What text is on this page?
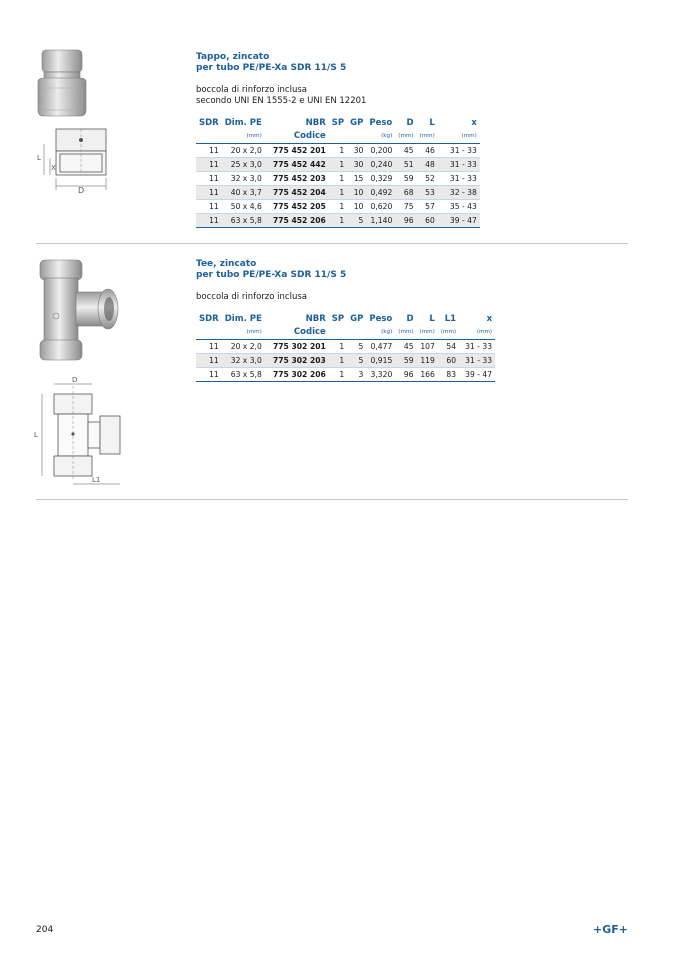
L
X
D
Tappo, zincato
per tubo PE/PE-Xa SDR 11/S 5
boccola di rinforzo inclusa
secondo UNI EN 1555-2 e UNI EN 12201
SDR	Dim. PE	NBR	SP	GP	Peso	D	L	x
	(mm)	Codice			(kg)	(mm)	(mm)	(mm)
11	20 x 2,0	775 452 201	1	30	0,200	45	46	31 - 33
11	25 x 3,0	775 452 442	1	30	0,240	51	48	31 - 33
11	32 x 3,0	775 452 203	1	15	0,329	59	52	31 - 33
11	40 x 3,7	775 452 204	1	10	0,492	68	53	32 - 38
11	50 x 4,6	775 452 205	1	10	0,620	75	57	35 - 43
11	63 x 5,8	775 452 206	1	5	1,140	96	60	39 - 47
D
L
L1
Tee, zincato
per tubo PE/PE-Xa SDR 11/S 5
boccola di rinforzo inclusa
SDR	Dim. PE	NBR	SP	GP	Peso	D	L	L1	x
	(mm)	Codice			(kg)	(mm)	(mm)	(mm)	(mm)
11	20 x 2,0	775 302 201	1	5	0,477	45	107	54	31 - 33
11	32 x 3,0	775 302 203	1	5	0,915	59	119	60	31 - 33
11	63 x 5,8	775 302 206	1	3	3,320	96	166	83	39 - 47
204	+GF+
